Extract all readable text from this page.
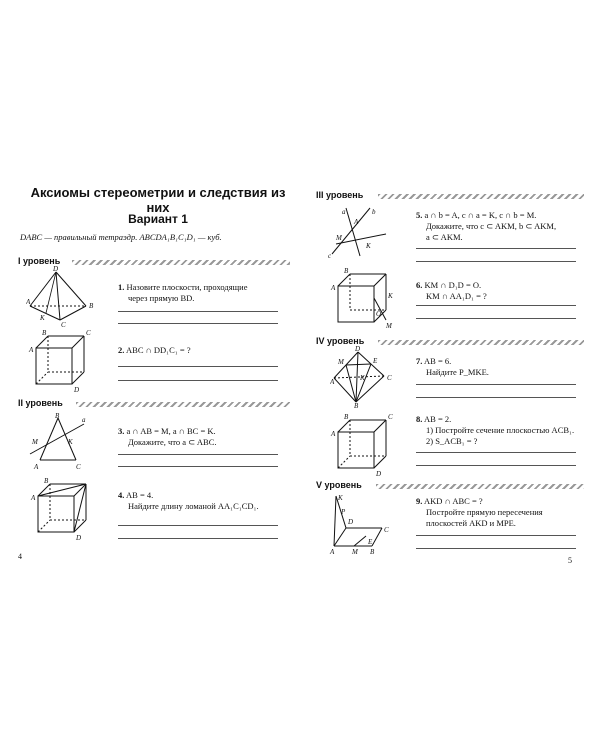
Аксиомы стереометрии и следствия из них
Вариант 1
DABC — правильный тетраэдр. ABCDA₁B₁C₁D₁ — куб.
I уровень
D
A	B
C
K
1. Назовите плоскости, проходящие
через прямую BD.
B	C
A
D
2. ABC ∩ DD₁C₁ = ?
II уровень
B
A	C
M	K
a
3. a ∩ AB = M, a ∩ BC = K.
Докажите, что a ⊂ ABC.
B
A
D
4. AB = 4.
Найдите длину ломаной AA₁C₁CD₁.
4
III уровень
a	b
c
A
K
M
5. a ∩ b = A, c ∩ a = K, c ∩ b = M.
Докажите, что c ⊂ AKM, b ⊂ AKM,
a ⊂ AKM.
B
A
K
M
O
6. KM ∩ D₁D = O.
KM ∩ AA₁D₁ = ?
IV уровень
D
M	E
A	K	C
B
7. AB = 6.
Найдите P_MKE.
B	C
A
D
8. AB = 2.
1) Постройте сечение плоскостью ACB₁.
2) S_ACB₁ = ?
V уровень
K
P
A	M B
C
D
E
9. AKD ∩ ABC = ?
Постройте прямую пересечения
плоскостей AKD и MPE.
5
